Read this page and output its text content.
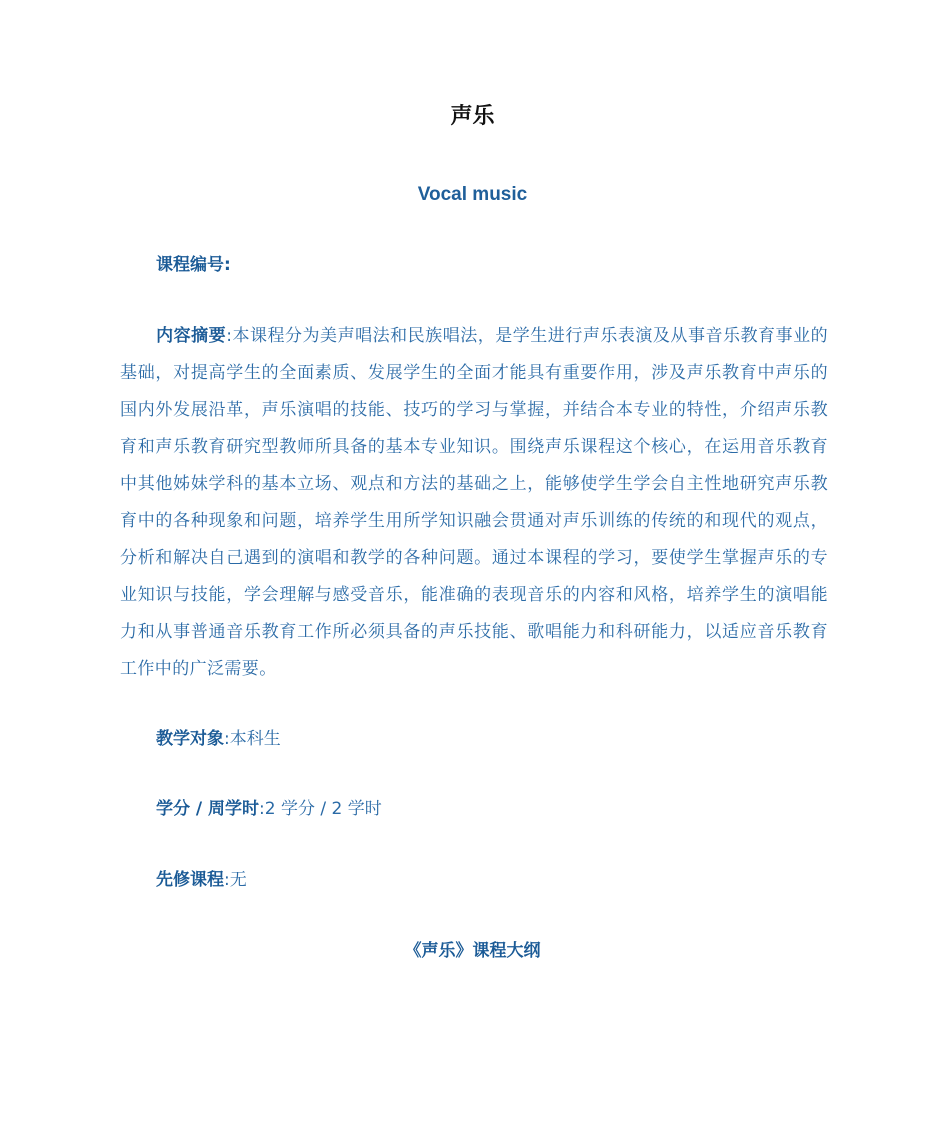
声乐
Vocal music
课程编号:
内容摘要:本课程分为美声唱法和民族唱法，是学生进行声乐表演及从事音乐教育事业的基础，对提高学生的全面素质、发展学生的全面才能具有重要作用，涉及声乐教育中声乐的国内外发展沿革，声乐演唱的技能、技巧的学习与掌握，并结合本专业的特性，介绍声乐教育和声乐教育研究型教师所具备的基本专业知识。围绕声乐课程这个核心，在运用音乐教育中其他姊妹学科的基本立场、观点和方法的基础之上，能够使学生学会自主性地研究声乐教育中的各种现象和问题，培养学生用所学知识融会贯通对声乐训练的传统的和现代的观点，分析和解决自己遇到的演唱和教学的各种问题。通过本课程的学习，要使学生掌握声乐的专业知识与技能，学会理解与感受音乐，能准确的表现音乐的内容和风格，培养学生的演唱能力和从事普通音乐教育工作所必须具备的声乐技能、歌唱能力和科研能力，以适应音乐教育工作中的广泛需要。
教学对象:本科生
学分 / 周学时:2 学分 / 2 学时
先修课程:无
《声乐》课程大纲
